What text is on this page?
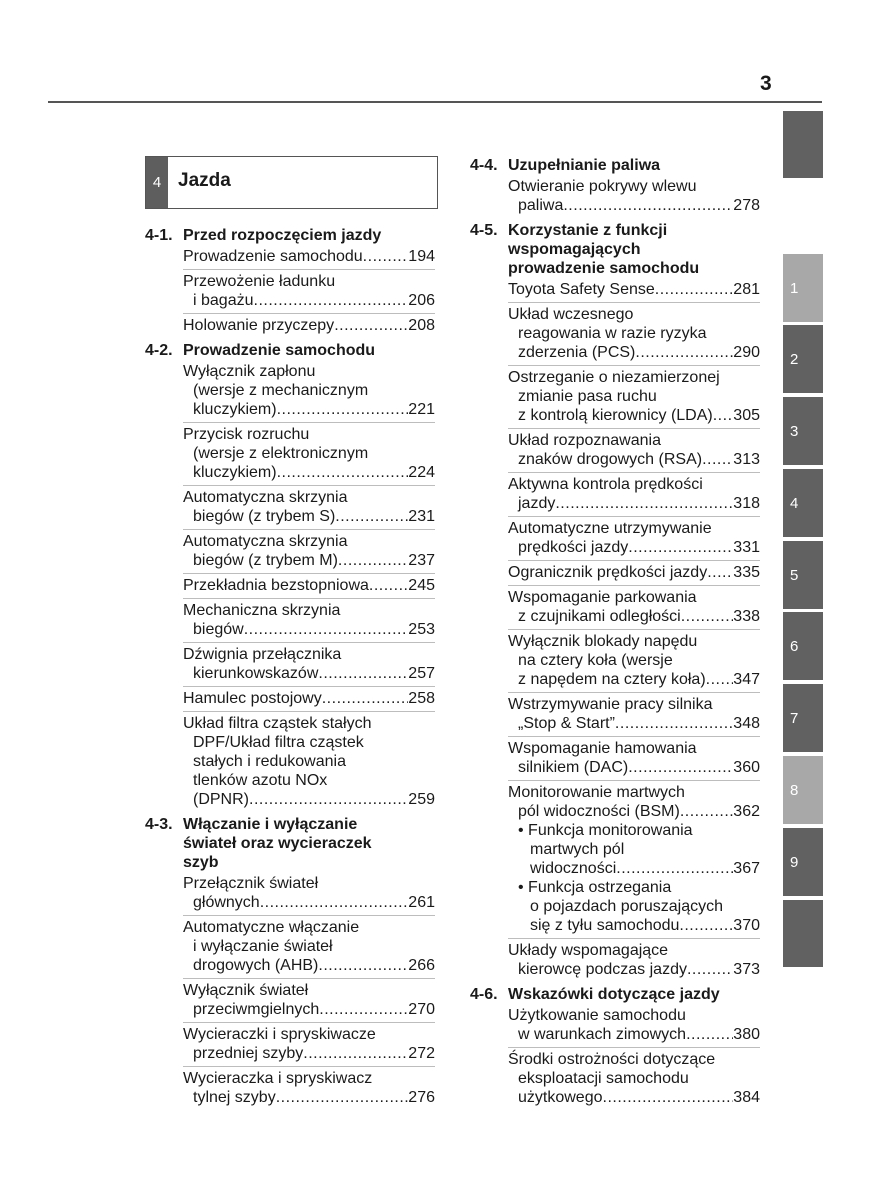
3
1
2
3
4
5
6
7
8
9
4 Jazda
4-1. Przed rozpoczęciem jazdy
Prowadzenie samochodu .....	194
Przewożenie ładunku
i bagażu .....	206
Holowanie przyczepy .....	208
4-2. Prowadzenie samochodu
Wyłącznik zapłonu
(wersje z mechanicznym
kluczykiem) .....	221
Przycisk rozruchu
(wersje z elektronicznym
kluczykiem) .....	224
Automatyczna skrzynia
biegów (z trybem S) .....	231
Automatyczna skrzynia
biegów (z trybem M) .....	237
Przekładnia bezstopniowa ..... 245
Mechaniczna skrzynia
biegów .....	253
Dźwignia przełącznika
kierunkowskazów .....	257
Hamulec postojowy .....	258
Układ filtra cząstek stałych
DPF/Układ filtra cząstek
stałych i redukowania
tlenków azotu NOx
(DPNR) .....	259
4-3. Włączanie i wyłączanie
świateł oraz wycieraczek
szyb
Przełącznik świateł
głównych .....	261
Automatyczne włączanie
i wyłączanie świateł
drogowych (AHB) .....	266
Wyłącznik świateł
przeciwmgielnych .....	270
Wycieraczki i spryskiwacze
przedniej szyby .....	272
Wycieraczka i spryskiwacz
tylnej szyby .....	276
4-4. Uzupełnianie paliwa
Otwieranie pokrywy wlewu
paliwa .....	278
4-5. Korzystanie z funkcji
wspomagających
prowadzenie samochodu
Toyota Safety Sense .....	281
Układ wczesnego
reagowania w razie ryzyka
zderzenia (PCS) .....	290
Ostrzeganie o niezamierzonej
zmianie pasa ruchu
z kontrolą kierownicy (LDA) ..... 305
Układ rozpoznawania
znaków drogowych (RSA) ..... 313
Aktywna kontrola prędkości
jazdy .....	318
Automatyczne utrzymywanie
prędkości jazdy .....	331
Ogranicznik prędkości jazdy ..... 335
Wspomaganie parkowania
z czujnikami odległości .....	338
Wyłącznik blokady napędu
na cztery koła (wersje
z napędem na cztery koła) ..... 347
Wstrzymywanie pracy silnika
„Stop & Start” .....	348
Wspomaganie hamowania
silnikiem (DAC) .....	360
Monitorowanie martwych
pól widoczności (BSM) .....	362
• Funkcja monitorowania
martwych pól
widoczności .....	367
• Funkcja ostrzegania
o pojazdach poruszających
się z tyłu samochodu .....	370
Układy wspomagające
kierowcę podczas jazdy .....	373
4-6. Wskazówki dotyczące jazdy
Użytkowanie samochodu
w warunkach zimowych .....	380
Środki ostrożności dotyczące
eksploatacji samochodu
użytkowego .....	384
